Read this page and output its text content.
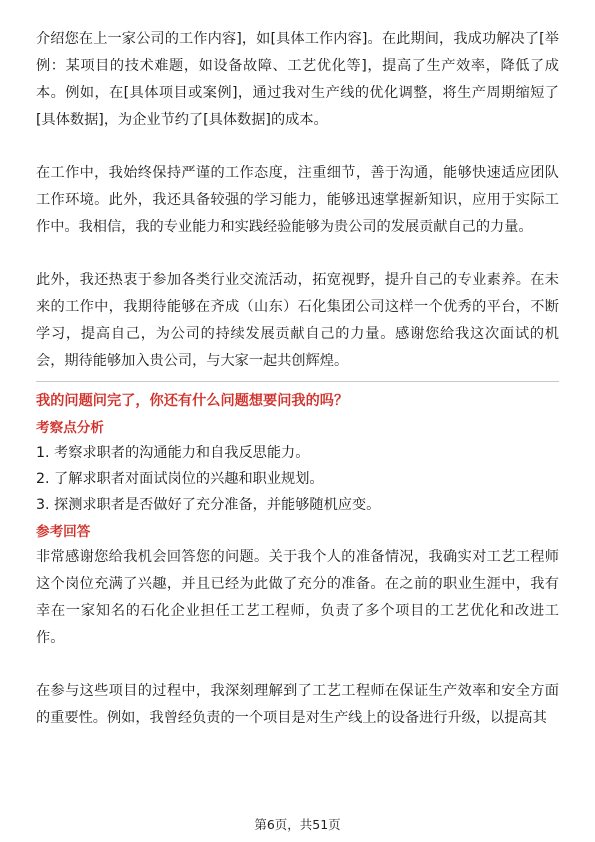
介绍您在上一家公司的工作内容]，如[具体工作内容]。在此期间，我成功解决了[举例：某项目的技术难题，如设备故障、工艺优化等]，提高了生产效率，降低了成本。例如，在[具体项目或案例]，通过我对生产线的优化调整，将生产周期缩短了[具体数据]，为企业节约了[具体数据]的成本。

在工作中，我始终保持严谨的工作态度，注重细节，善于沟通，能够快速适应团队工作环境。此外，我还具备较强的学习能力，能够迅速掌握新知识，应用于实际工作中。我相信，我的专业能力和实践经验能够为贵公司的发展贡献自己的力量。

此外，我还热衷于参加各类行业交流活动，拓宽视野，提升自己的专业素养。在未来的工作中，我期待能够在齐成（山东）石化集团公司这样一个优秀的平台，不断学习，提高自己，为公司的持续发展贡献自己的力量。感谢您给我这次面试的机会，期待能够加入贵公司，与大家一起共创辉煌。

我的问题问完了，你还有什么问题想要问我的吗？

考察点分析

1. 考察求职者的沟通能力和自我反思能力。

2. 了解求职者对面试岗位的兴趣和职业规划。

3. 探测求职者是否做好了充分准备，并能够随机应变。

参考回答

非常感谢您给我机会回答您的问题。关于我个人的准备情况，我确实对工艺工程师这个岗位充满了兴趣，并且已经为此做了充分的准备。在之前的职业生涯中，我有幸在一家知名的石化企业担任工艺工程师，负责了多个项目的工艺优化和改进工作。

在参与这些项目的过程中，我深刻理解到了工艺工程师在保证生产效率和安全方面的重要性。例如，我曾经负责的一个项目是对生产线上的设备进行升级，以提高其

第6页，共51页
